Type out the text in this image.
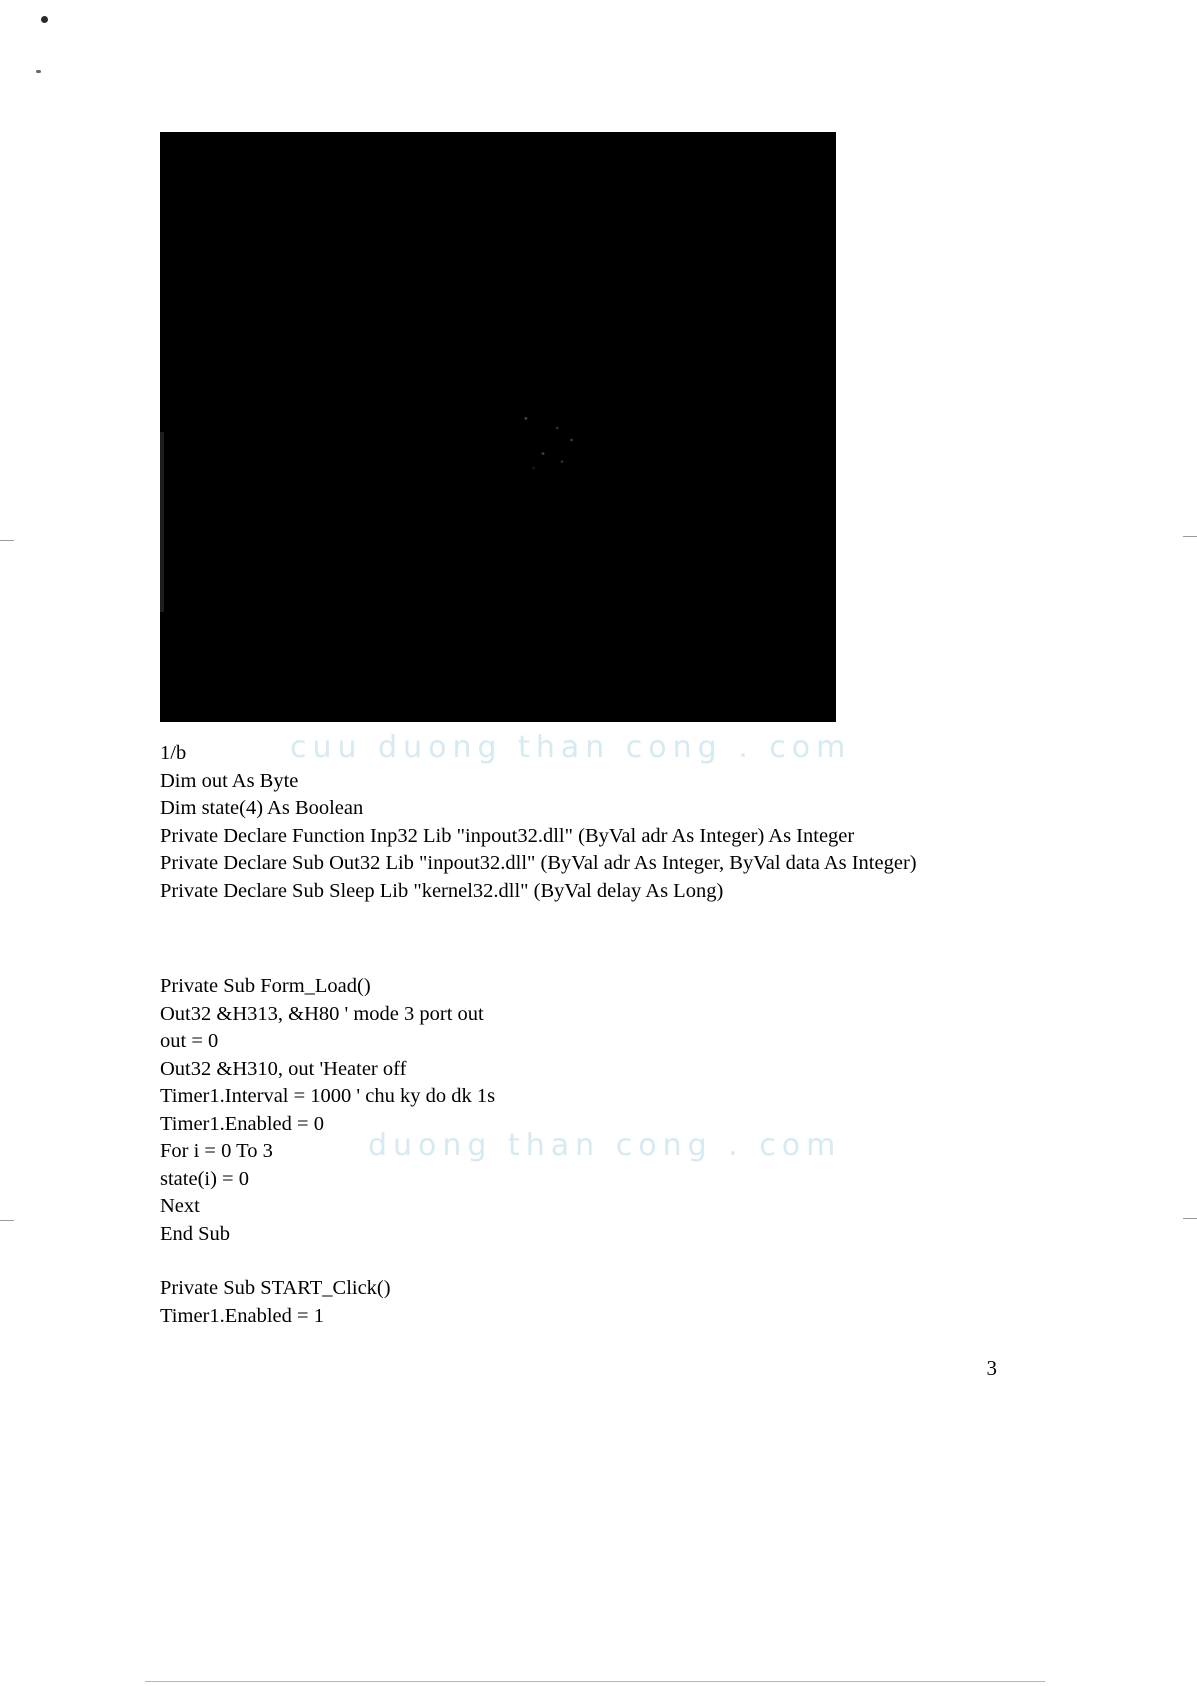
cuu duong than cong . com
duong than cong . com
1/b
Dim out As Byte
Dim state(4) As Boolean
Private Declare Function Inp32 Lib "inpout32.dll" (ByVal adr As Integer) As Integer
Private Declare Sub Out32 Lib "inpout32.dll" (ByVal adr As Integer, ByVal data As Integer)
Private Declare Sub Sleep Lib "kernel32.dll" (ByVal delay As Long)
Private Sub Form_Load()
Out32 &H313, &H80 ' mode 3 port out
out = 0
Out32 &H310, out 'Heater off
Timer1.Interval = 1000 ' chu ky do dk 1s
Timer1.Enabled = 0
For i = 0 To 3
state(i) = 0
Next
End Sub
Private Sub START_Click()
Timer1.Enabled = 1
3
